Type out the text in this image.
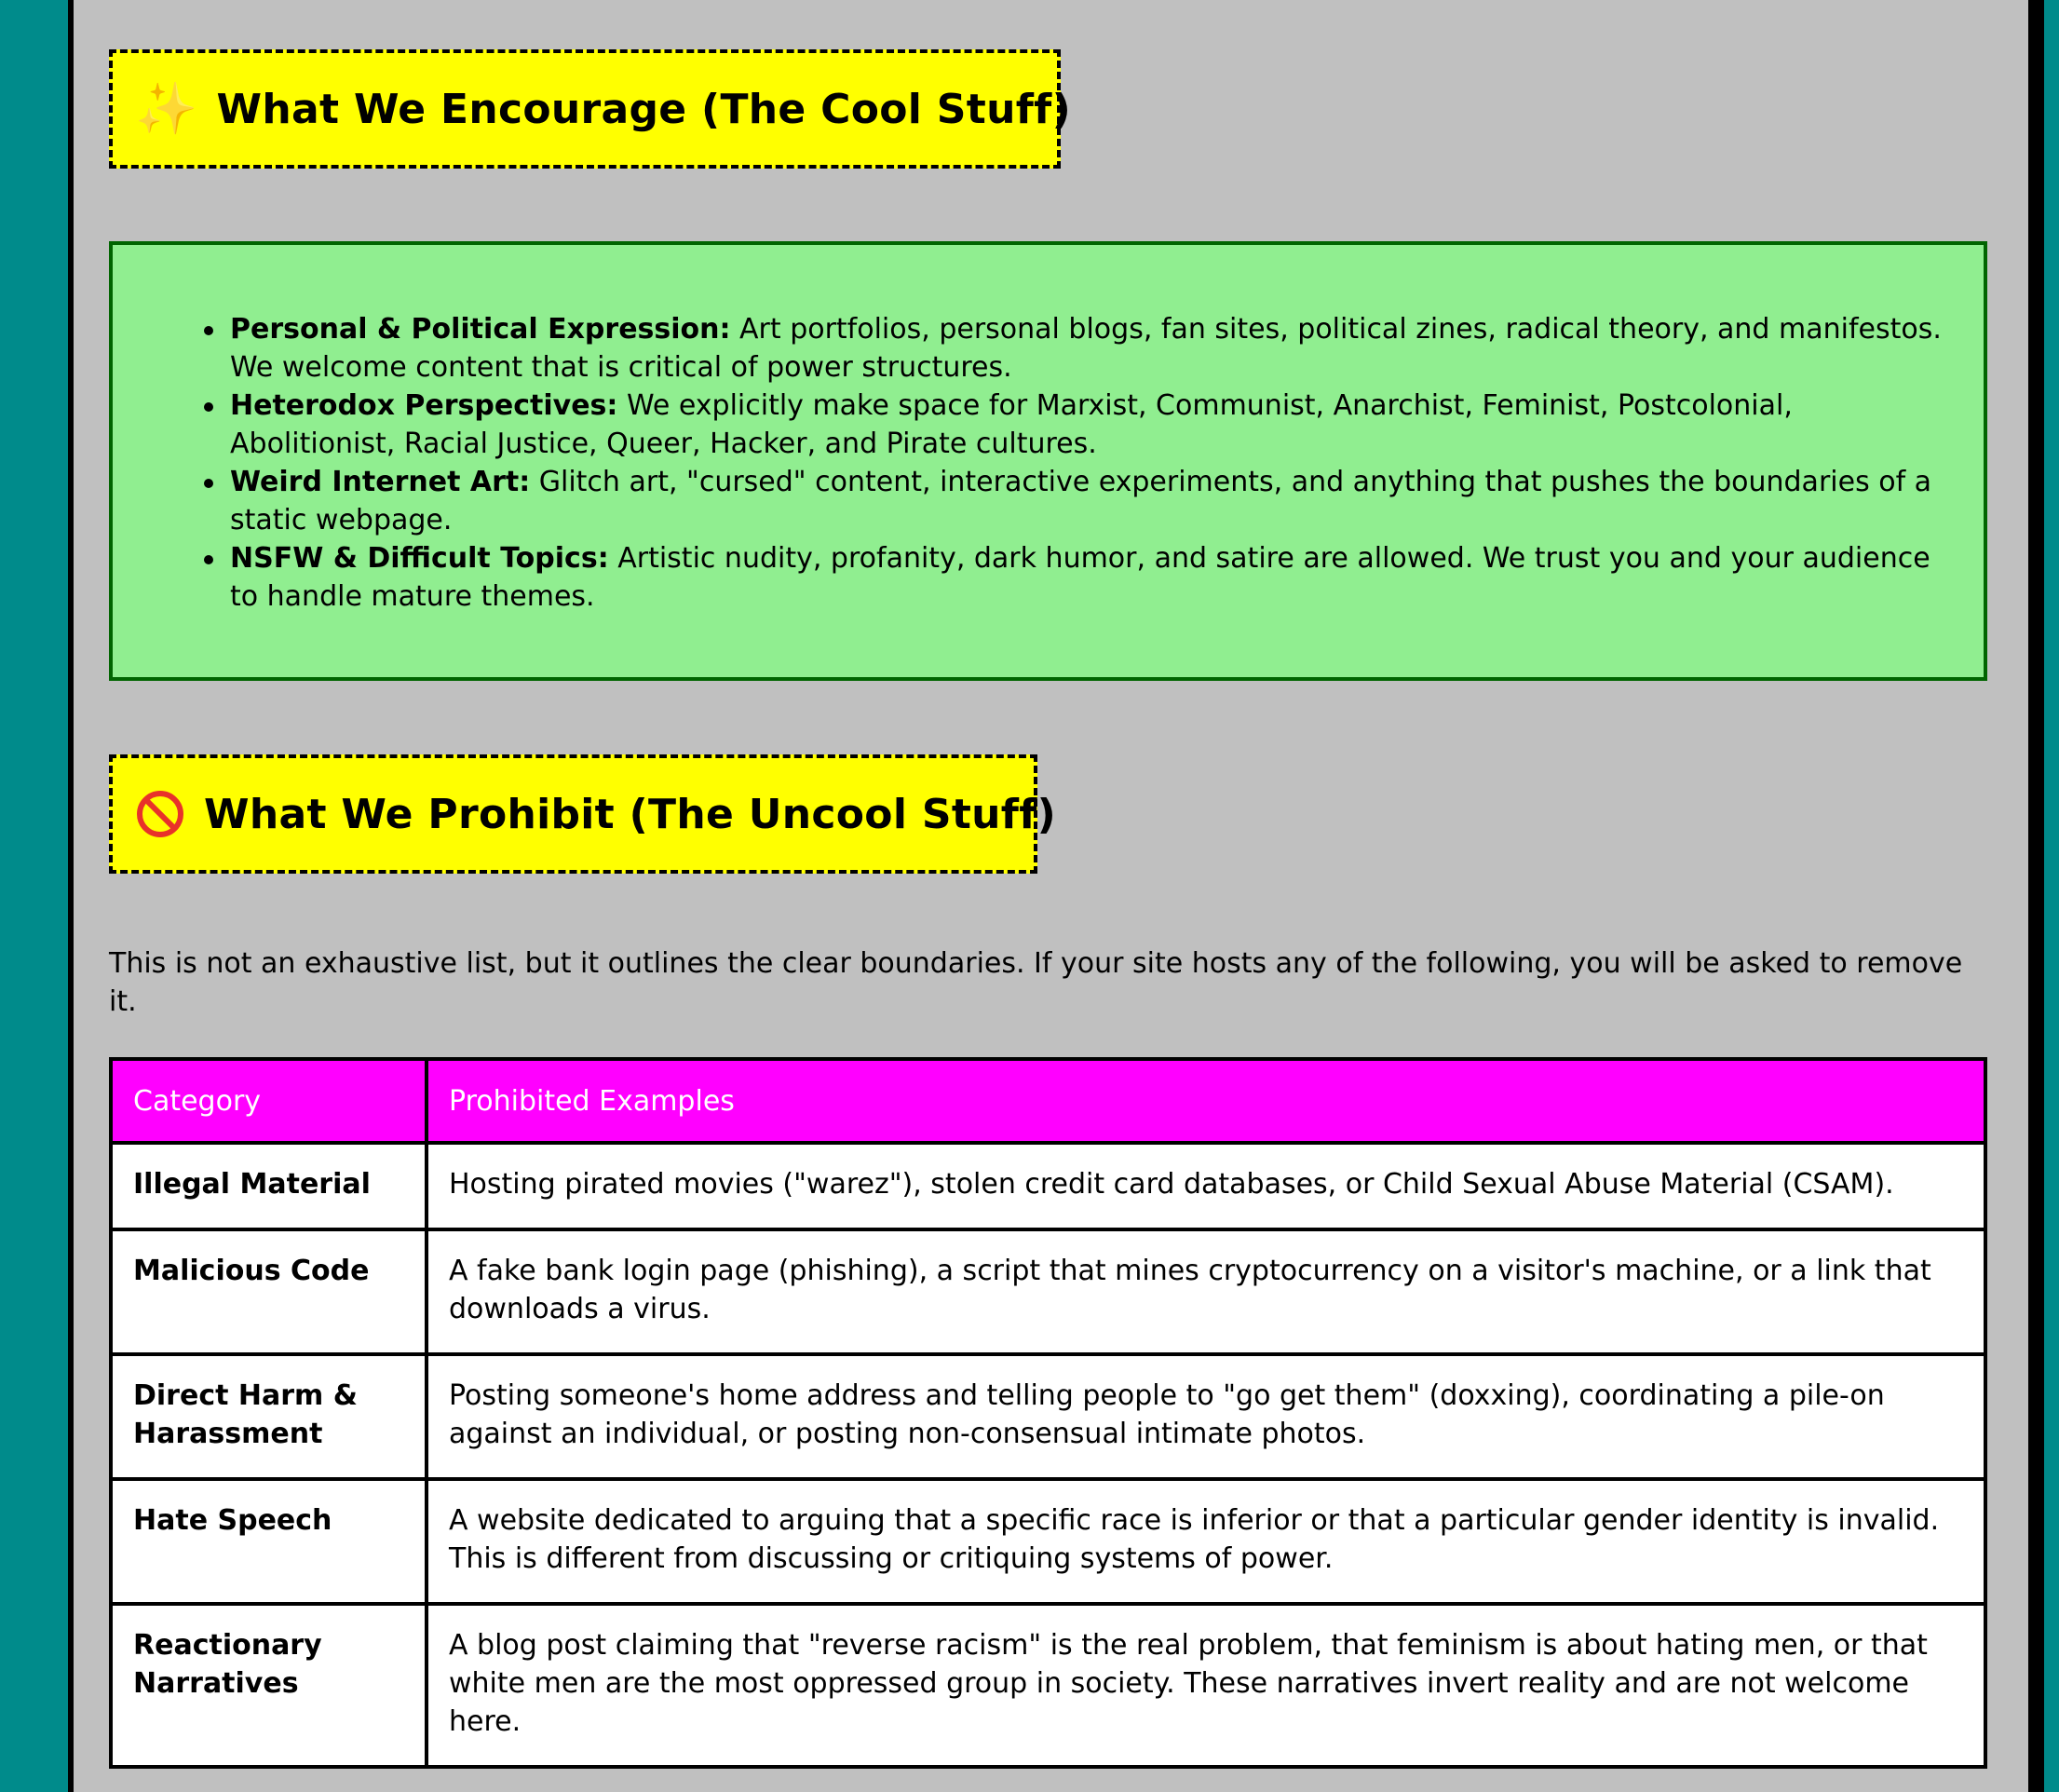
✨ What We Encourage (The Cool Stuff)
Personal & Political Expression: Art portfolios, personal blogs, fan sites, political zines, radical theory, and manifestos. We welcome content that is critical of power structures.
Heterodox Perspectives: We explicitly make space for Marxist, Communist, Anarchist, Feminist, Postcolonial, Abolitionist, Racial Justice, Queer, Hacker, and Pirate cultures.
Weird Internet Art: Glitch art, "cursed" content, interactive experiments, and anything that pushes the boundaries of a static webpage.
NSFW & Difficult Topics: Artistic nudity, profanity, dark humor, and satire are allowed. We trust you and your audience to handle mature themes.
What We Prohibit (The Uncool Stuff)

This is not an exhaustive list, but it outlines the clear boundaries. If your site hosts any of the following, you will be asked to remove it.

Category	Prohibited Examples
Illegal Material	Hosting pirated movies ("warez"), stolen credit card databases, or Child Sexual Abuse Material (CSAM).
Malicious Code	A fake bank login page (phishing), a script that mines cryptocurrency on a visitor's machine, or a link that downloads a virus.
Direct Harm & Harassment	Posting someone's home address and telling people to "go get them" (doxxing), coordinating a pile-on against an individual, or posting non-consensual intimate photos.
Hate Speech	A website dedicated to arguing that a specific race is inferior or that a particular gender identity is invalid. This is different from discussing or critiquing systems of power.
Reactionary Narratives	A blog post claiming that "reverse racism" is the real problem, that feminism is about hating men, or that white men are the most oppressed group in society. These narratives invert reality and are not welcome here.
